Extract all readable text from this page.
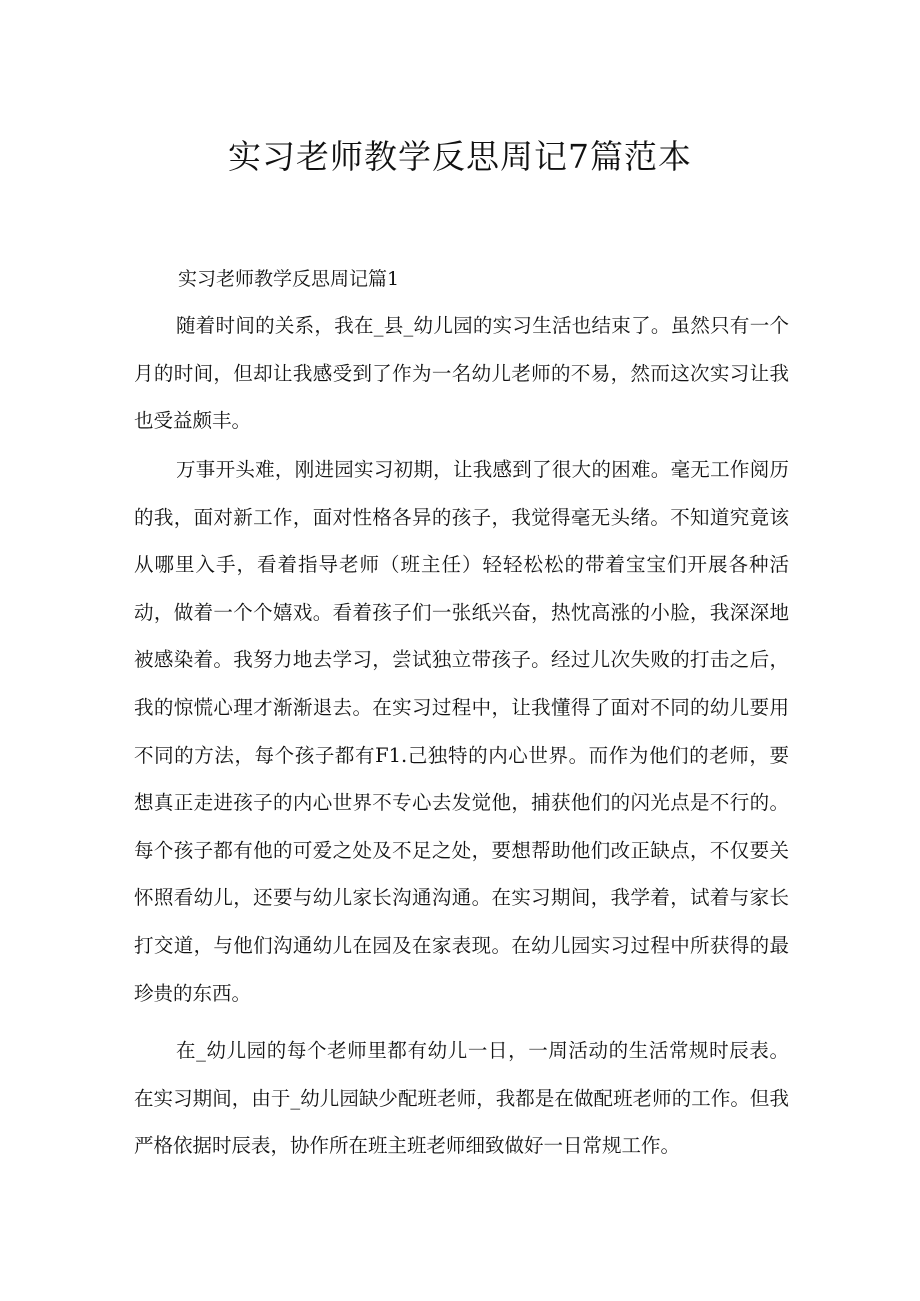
实习老师教学反思周记7篇范本
实习老师教学反思周记篇1

随着时间的关系，我在_县_幼儿园的实习生活也结束了。虽然只有一个月的时间，但却让我感受到了作为一名幼儿老师的不易，然而这次实习让我也受益颇丰。

万事开头难，刚进园实习初期，让我感到了很大的困难。毫无工作阅历的我，面对新工作，面对性格各异的孩子，我觉得毫无头绪。不知道究竟该从哪里入手，看着指导老师（班主任）轻轻松松的带着宝宝们开展各种活动，做着一个个嬉戏。看着孩子们一张纸兴奋，热忱高涨的小脸，我深深地被感染着。我努力地去学习，尝试独立带孩子。经过儿次失败的打击之后，我的惊慌心理才渐渐退去。在实习过程中，让我懂得了面对不同的幼儿要用不同的方法，每个孩子都有F1.己独特的内心世界。而作为他们的老师，要想真正走进孩子的内心世界不专心去发觉他，捕获他们的闪光点是不行的。每个孩子都有他的可爱之处及不足之处，要想帮助他们改正缺点，不仅要关怀照看幼儿，还要与幼儿家长沟通沟通。在实习期间，我学着，试着与家长打交道，与他们沟通幼儿在园及在家表现。在幼儿园实习过程中所获得的最珍贵的东西。

在_幼儿园的每个老师里都有幼儿一日，一周活动的生活常规时辰表。在实习期间，由于_幼儿园缺少配班老师，我都是在做配班老师的工作。但我严格依据时辰表，协作所在班主班老师细致做好一日常规工作。
